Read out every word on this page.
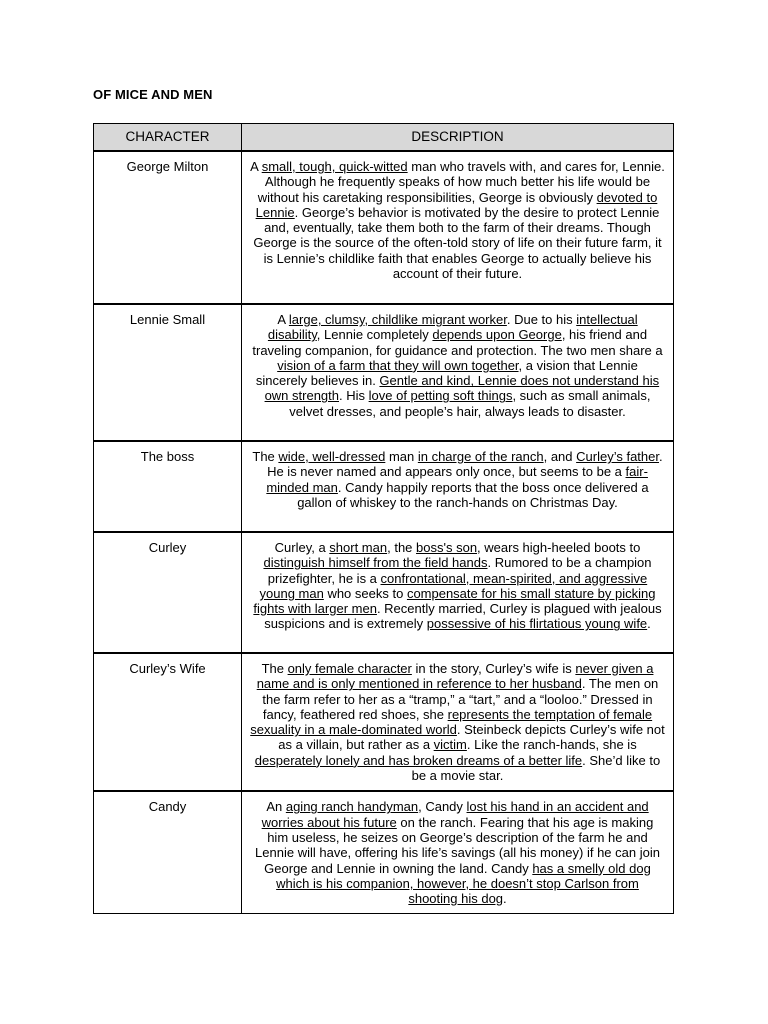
OF MICE AND MEN
CHARACTER	DESCRIPTION
George Milton	A small, tough, quick-witted man who travels with, and cares for, Lennie. Although he frequently speaks of how much better his life would be without his caretaking responsibilities, George is obviously devoted to Lennie. George’s behavior is motivated by the desire to protect Lennie and, eventually, take them both to the farm of their dreams. Though George is the source of the often-told story of life on their future farm, it is Lennie’s childlike faith that enables George to actually believe his account of their future.
Lennie Small	A large, clumsy, childlike migrant worker. Due to his intellectual disability, Lennie completely depends upon George, his friend and traveling companion, for guidance and protection. The two men share a vision of a farm that they will own together, a vision that Lennie sincerely believes in. Gentle and kind, Lennie does not understand his own strength. His love of petting soft things, such as small animals, velvet dresses, and people’s hair, always leads to disaster.
The boss	The wide, well-dressed man in charge of the ranch, and Curley’s father. He is never named and appears only once, but seems to be a fair-minded man. Candy happily reports that the boss once delivered a gallon of whiskey to the ranch-hands on Christmas Day.
Curley	Curley, a short man, the boss's son, wears high-heeled boots to distinguish himself from the field hands. Rumored to be a champion prizefighter, he is a confrontational, mean-spirited, and aggressive young man who seeks to compensate for his small stature by picking fights with larger men. Recently married, Curley is plagued with jealous suspicions and is extremely possessive of his flirtatious young wife.
Curley’s Wife	The only female character in the story, Curley’s wife is never given a name and is only mentioned in reference to her husband. The men on the farm refer to her as a “tramp,” a “tart,” and a “looloo.” Dressed in fancy, feathered red shoes, she represents the temptation of female sexuality in a male-dominated world. Steinbeck depicts Curley’s wife not as a villain, but rather as a victim. Like the ranch-hands, she is desperately lonely and has broken dreams of a better life. She’d like to be a movie star.
Candy	An aging ranch handyman, Candy lost his hand in an accident and worries about his future on the ranch. Fearing that his age is making him useless, he seizes on George’s description of the farm he and Lennie will have, offering his life’s savings (all his money) if he can join George and Lennie in owning the land. Candy has a smelly old dog which is his companion, however, he doesn’t stop Carlson from shooting his dog.
